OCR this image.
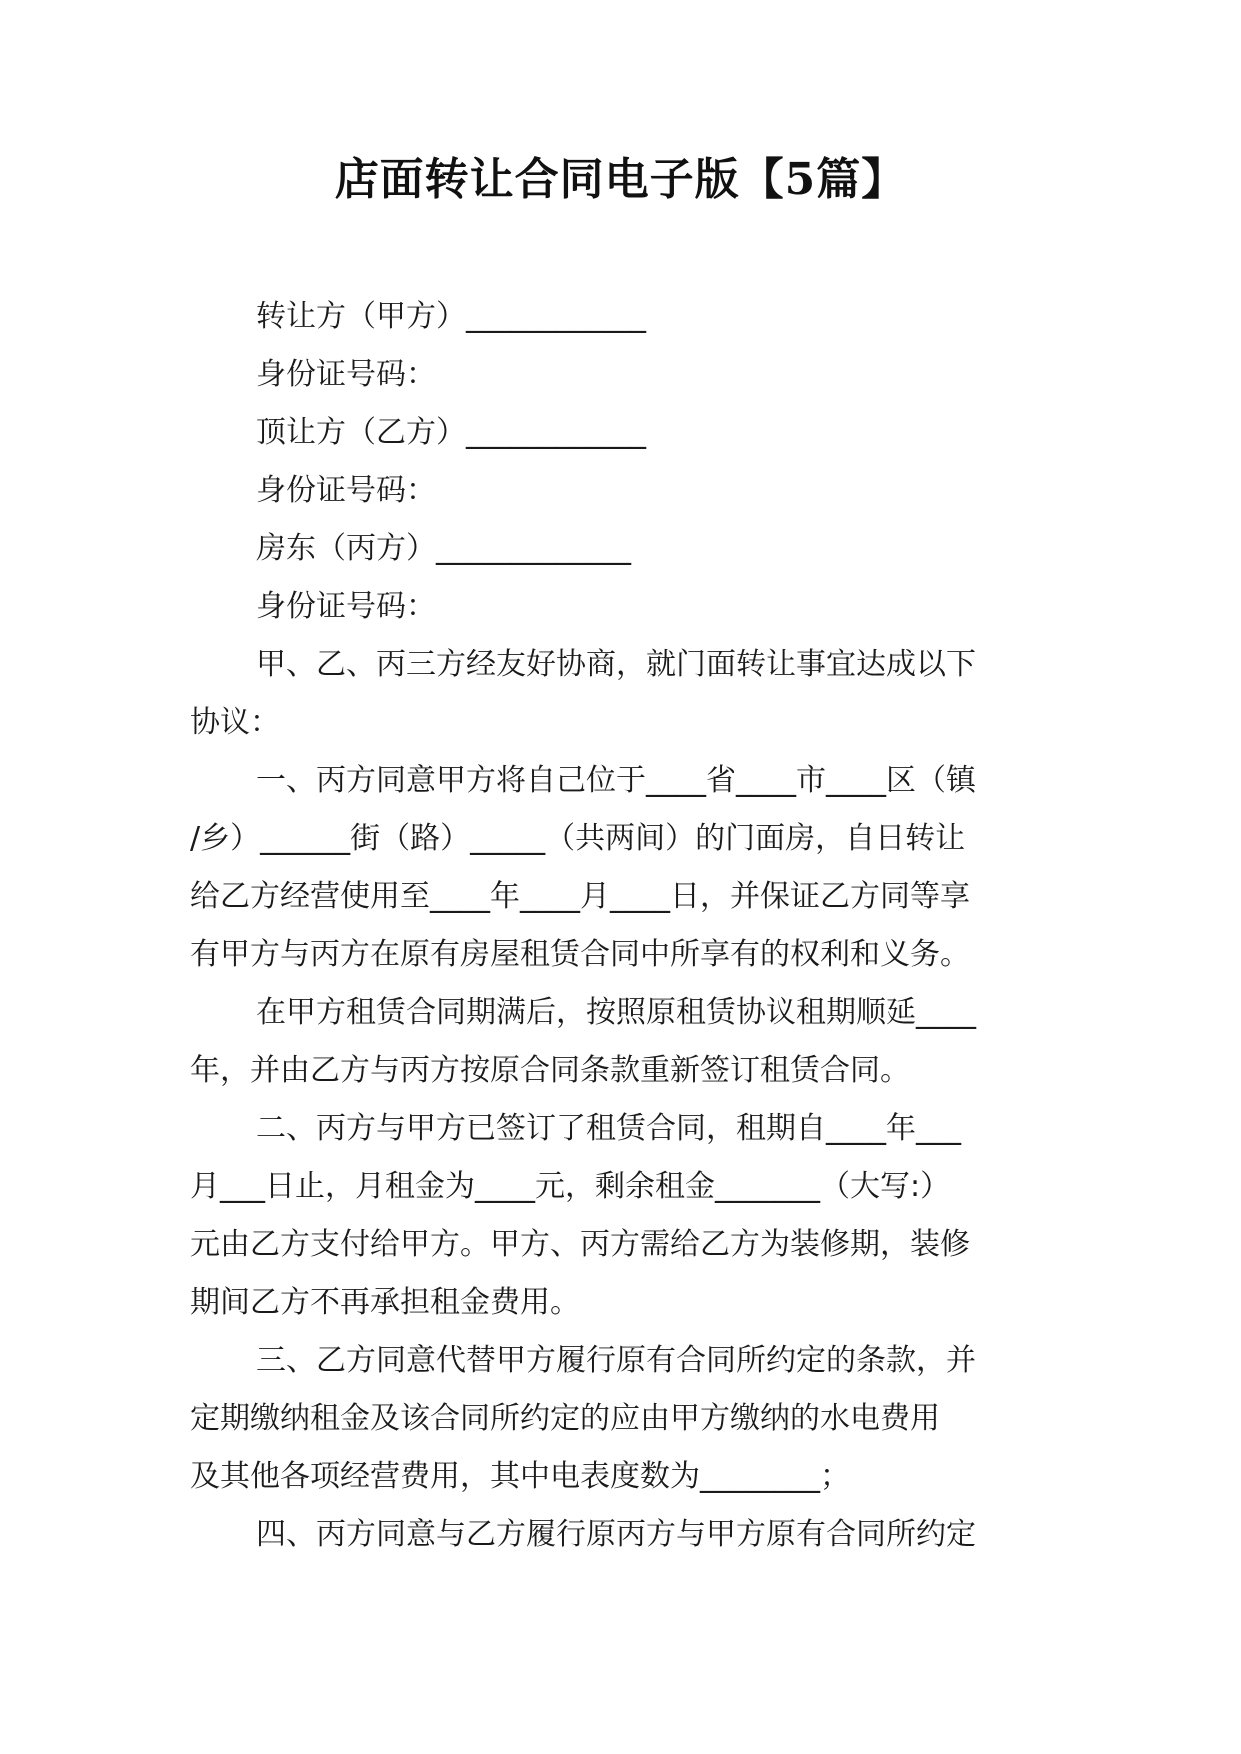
店面转让合同电子版【5篇】
转让方（甲方）____________
身份证号码：
顶让方（乙方）____________
身份证号码：
房东（丙方）_____________
身份证号码：
甲、乙、丙三方经友好协商，就门面转让事宜达成以下
协议：
一、丙方同意甲方将自己位于____省____市____区（镇
/乡）______街（路）_____（共两间）的门面房，自日转让
给乙方经营使用至____年____月____日，并保证乙方同等享
有甲方与丙方在原有房屋租赁合同中所享有的权利和义务。
在甲方租赁合同期满后，按照原租赁协议租期顺延____
年，并由乙方与丙方按原合同条款重新签订租赁合同。
二、丙方与甲方已签订了租赁合同，租期自____年___
月___日止，月租金为____元，剩余租金_______（大写:）
元由乙方支付给甲方。甲方、丙方需给乙方为装修期，装修
期间乙方不再承担租金费用。
三、乙方同意代替甲方履行原有合同所约定的条款，并
定期缴纳租金及该合同所约定的应由甲方缴纳的水电费用
及其他各项经营费用，其中电表度数为________；
四、丙方同意与乙方履行原丙方与甲方原有合同所约定
